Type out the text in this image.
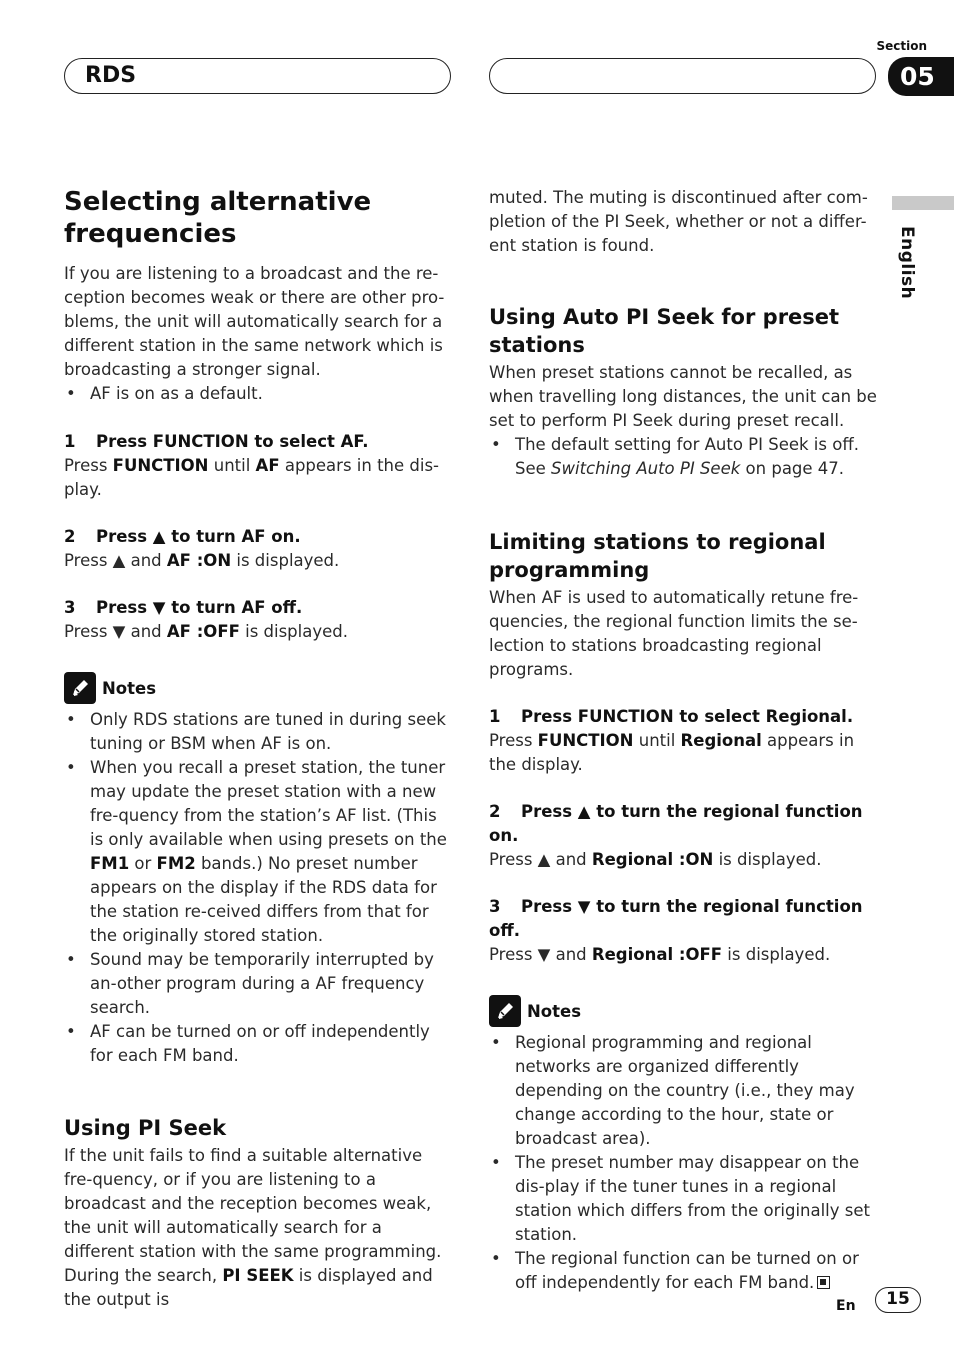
RDS
Section
05
English
Selecting alternative frequencies

If you are listening to a broadcast and the re-ception becomes weak or there are other pro-blems, the unit will automatically search for a different station in the same network which is broadcasting a stronger signal.

• AF is on as a default.

1 Press FUNCTION to select AF.

Press FUNCTION until AF appears in the dis-play.

2 Press ▲ to turn AF on.

Press ▲ and AF :ON is displayed.

3 Press ▼ to turn AF off.

Press ▼ and AF :OFF is displayed.

Notes
• Only RDS stations are tuned in during seek tuning or BSM when AF is on.
• When you recall a preset station, the tuner may update the preset station with a new fre-quency from the station’s AF list. (This is only available when using presets on the FM1 or FM2 bands.) No preset number appears on the display if the RDS data for the station re-ceived differs from that for the originally stored station.
• Sound may be temporarily interrupted by an-other program during a AF frequency search.
• AF can be turned on or off independently for each FM band.
Using PI Seek

If the unit fails to find a suitable alternative fre-quency, or if you are listening to a broadcast and the reception becomes weak, the unit will automatically search for a different station with the same programming. During the search, PI SEEK is displayed and the output is

muted. The muting is discontinued after com-pletion of the PI Seek, whether or not a differ-ent station is found.

Using Auto PI Seek for preset stations

When preset stations cannot be recalled, as when travelling long distances, the unit can be set to perform PI Seek during preset recall.

• The default setting for Auto PI Seek is off. See Switching Auto PI Seek on page 47.
Limiting stations to regional programming

When AF is used to automatically retune fre-quencies, the regional function limits the se-lection to stations broadcasting regional programs.

1 Press FUNCTION to select Regional.

Press FUNCTION until Regional appears in the display.

2 Press ▲ to turn the regional function on.

Press ▲ and Regional :ON is displayed.

3 Press ▼ to turn the regional function off.

Press ▼ and Regional :OFF is displayed.

Notes
• Regional programming and regional networks are organized differently depending on the country (i.e., they may change according to the hour, state or broadcast area).
• The preset number may disappear on the dis-play if the tuner tunes in a regional station which differs from the originally set station.
• The regional function can be turned on or off independently for each FM band.
En	15
